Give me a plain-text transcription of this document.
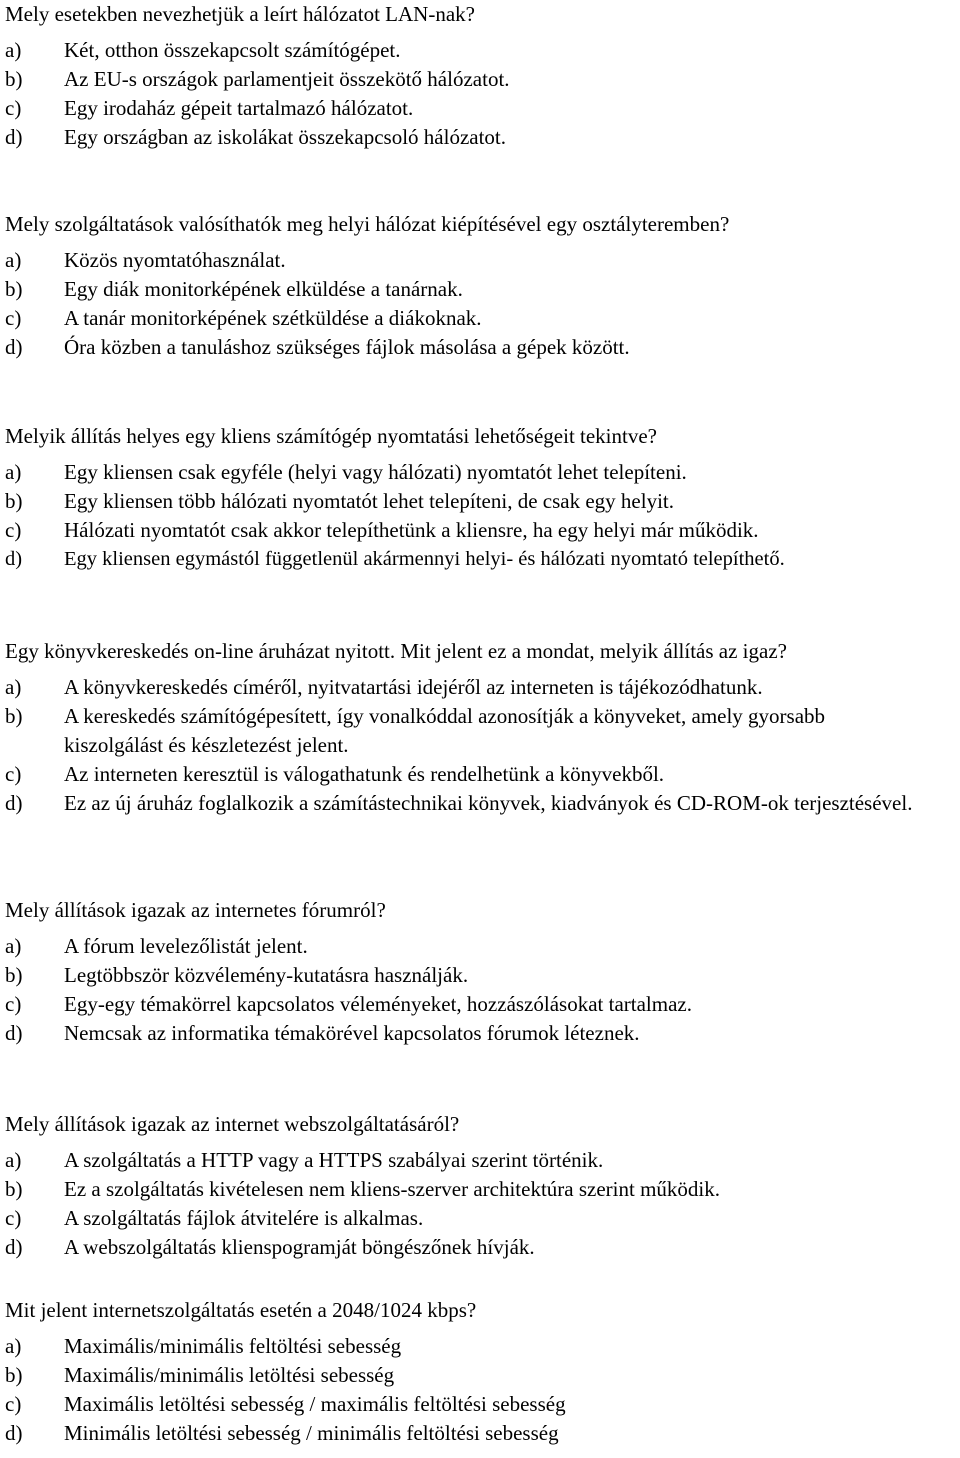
Mely esetekben nevezhetjük a leírt hálózatot LAN-nak?
a) Két, otthon összekapcsolt számítógépet.
b) Az EU-s országok parlamentjeit összekötő hálózatot.
c) Egy irodaház gépeit tartalmazó hálózatot.
d) Egy országban az iskolákat összekapcsoló hálózatot.
Mely szolgáltatások valósíthatók meg helyi hálózat kiépítésével egy osztályteremben?
a) Közös nyomtatóhasználat.
b) Egy diák monitorképének elküldése a tanárnak.
c) A tanár monitorképének szétküldése a diákoknak.
d) Óra közben a tanuláshoz szükséges fájlok másolása a gépek között.
Melyik állítás helyes egy kliens számítógép nyomtatási lehetőségeit tekintve?
a) Egy kliensen csak egyféle (helyi vagy hálózati) nyomtatót lehet telepíteni.
b) Egy kliensen több hálózati nyomtatót lehet telepíteni, de csak egy helyit.
c) Hálózati nyomtatót csak akkor telepíthetünk a kliensre, ha egy helyi már működik.
d) Egy kliensen egymástól függetlenül akármennyi helyi- és hálózati nyomtató telepíthető.
Egy könyvkereskedés on-line áruházat nyitott. Mit jelent ez a mondat, melyik állítás az igaz?
a) A könyvkereskedés címéről, nyitvatartási idejéről az interneten is tájékozódhatunk.
b) A kereskedés számítógépesített, így vonalkóddal azonosítják a könyveket, amely gyorsabb kiszolgálást és készletezést jelent.
c) Az interneten keresztül is válogathatunk és rendelhetünk a könyvekből.
d) Ez az új áruház foglalkozik a számítástechnikai könyvek, kiadványok és CD-ROM-ok terjesztésével.
Mely állítások igazak az internetes fórumról?
a) A fórum levelezőlistát jelent.
b) Legtöbbször közvélemény-kutatásra használják.
c) Egy-egy témakörrel kapcsolatos véleményeket, hozzászólásokat tartalmaz.
d) Nemcsak az informatika témakörével kapcsolatos fórumok léteznek.
Mely állítások igazak az internet webszolgáltatásáról?
a) A szolgáltatás a HTTP vagy a HTTPS szabályai szerint történik.
b) Ez a szolgáltatás kivételesen nem kliens-szerver architektúra szerint működik.
c) A szolgáltatás fájlok átvitelére is alkalmas.
d) A webszolgáltatás klienspogramját böngészőnek hívják.
Mit jelent internetszolgáltatás esetén a 2048/1024 kbps?
a) Maximális/minimális feltöltési sebesség
b) Maximális/minimális letöltési sebesség
c) Maximális letöltési sebesség / maximális feltöltési sebesség
d) Minimális letöltési sebesség / minimális feltöltési sebesség
